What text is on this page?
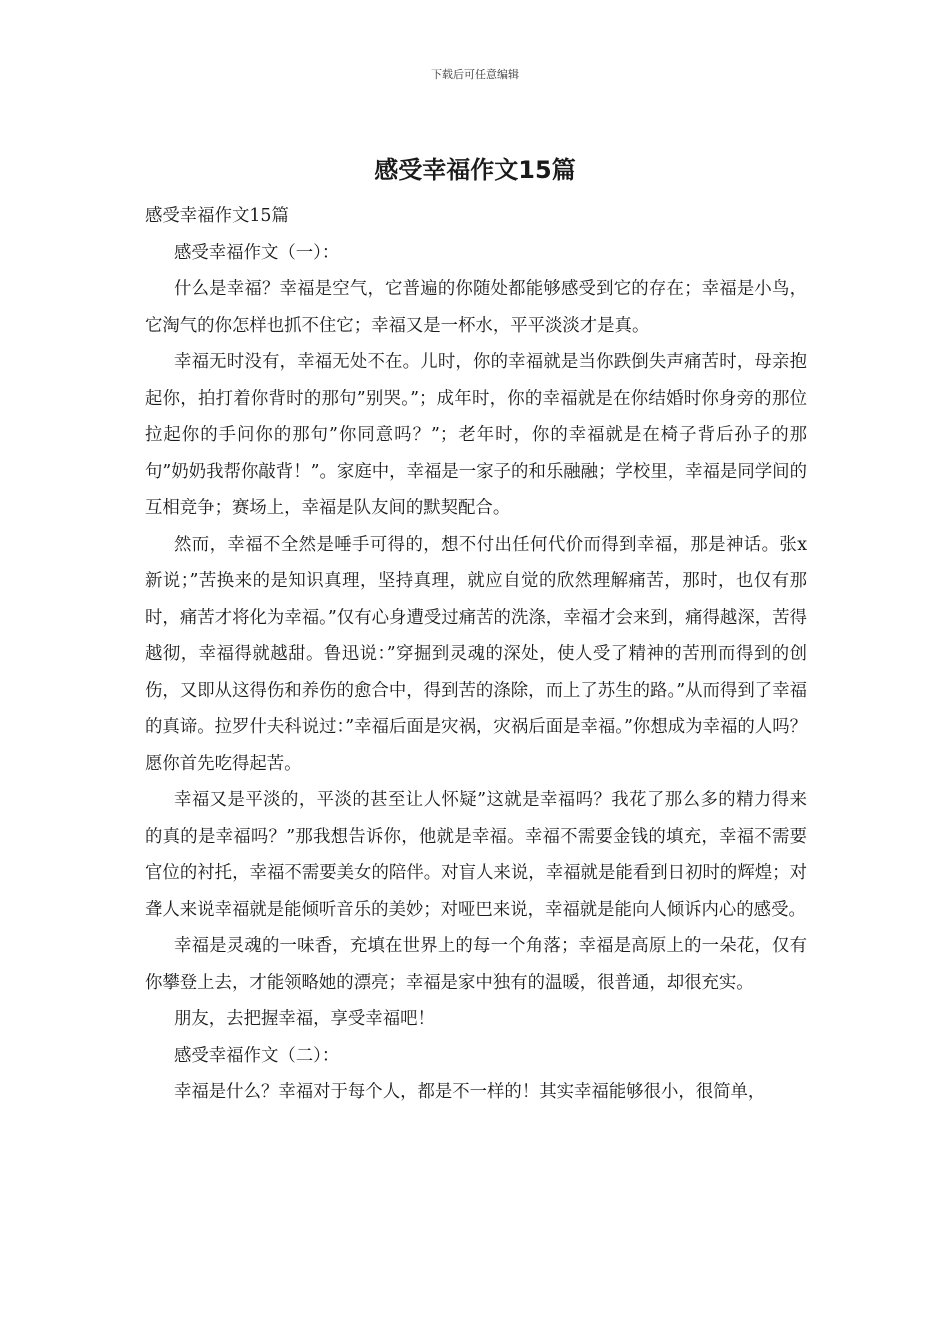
下载后可任意编辑
感受幸福作文15篇

感受幸福作文15篇

感受幸福作文（一）：

什么是幸福？幸福是空气，它普遍的你随处都能够感受到它的存在；幸福是小鸟，它淘气的你怎样也抓不住它；幸福又是一杯水，平平淡淡才是真。

幸福无时没有，幸福无处不在。儿时，你的幸福就是当你跌倒失声痛苦时，母亲抱起你，拍打着你背时的那句”别哭。”；成年时，你的幸福就是在你结婚时你身旁的那位拉起你的手问你的那句”你同意吗？”；老年时，你的幸福就是在椅子背后孙子的那句”奶奶我帮你敲背！”。家庭中，幸福是一家子的和乐融融；学校里，幸福是同学间的互相竞争；赛场上，幸福是队友间的默契配合。

然而，幸福不全然是唾手可得的，想不付出任何代价而得到幸福，那是神话。张x新说；”苦换来的是知识真理，坚持真理，就应自觉的欣然理解痛苦，那时，也仅有那时，痛苦才将化为幸福。”仅有心身遭受过痛苦的洗涤，幸福才会来到，痛得越深，苦得越彻，幸福得就越甜。鲁迅说：”穿掘到灵魂的深处，使人受了精神的苦刑而得到的创伤，又即从这得伤和养伤的愈合中，得到苦的涤除，而上了苏生的路。”从而得到了幸福的真谛。拉罗什夫科说过：”幸福后面是灾祸，灾祸后面是幸福。”你想成为幸福的人吗？愿你首先吃得起苦。

幸福又是平淡的，平淡的甚至让人怀疑”这就是幸福吗？我花了那么多的精力得来的真的是幸福吗？”那我想告诉你，他就是幸福。幸福不需要金钱的填充，幸福不需要官位的衬托，幸福不需要美女的陪伴。对盲人来说，幸福就是能看到日初时的辉煌；对聋人来说幸福就是能倾听音乐的美妙；对哑巴来说，幸福就是能向人倾诉内心的感受。

幸福是灵魂的一味香，充填在世界上的每一个角落；幸福是高原上的一朵花，仅有你攀登上去，才能领略她的漂亮；幸福是家中独有的温暖，很普通，却很充实。

朋友，去把握幸福，享受幸福吧！

感受幸福作文（二）：

幸福是什么？幸福对于每个人，都是不一样的！其实幸福能够很小，很简单，
